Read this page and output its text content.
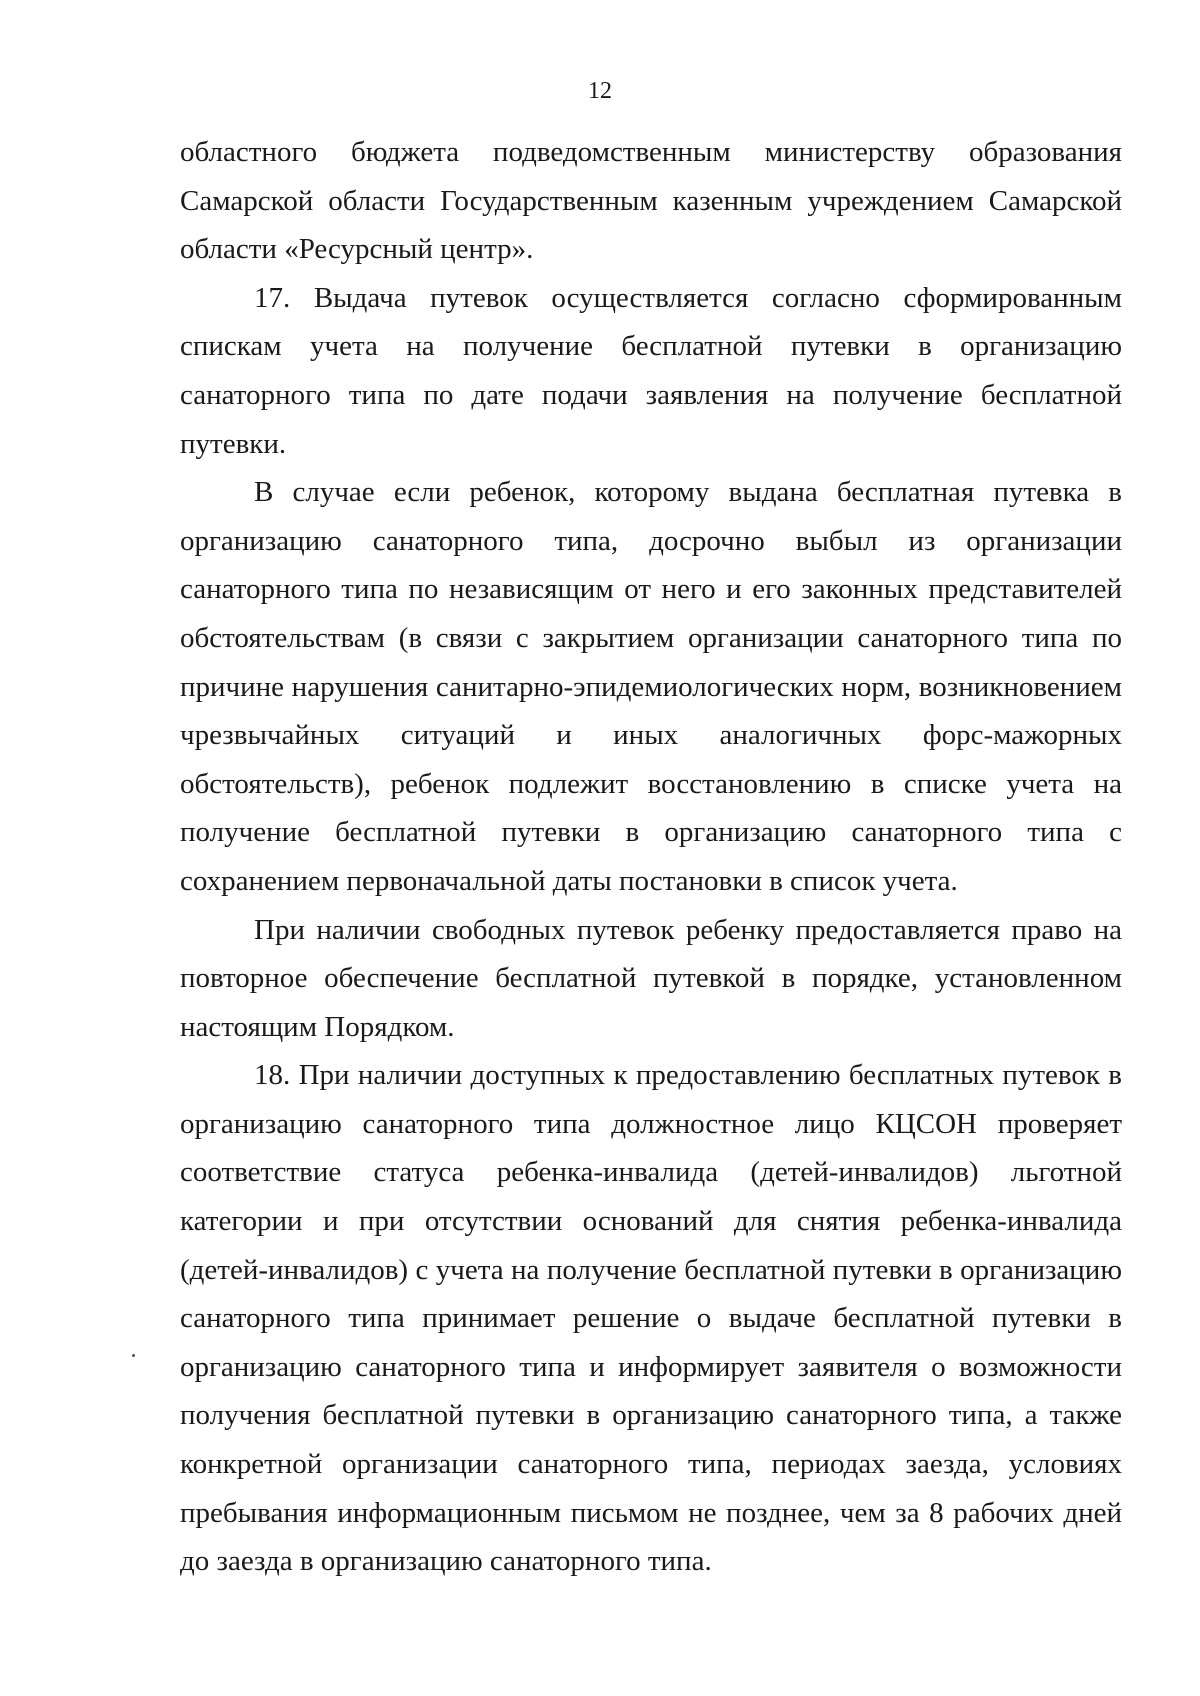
12

областного бюджета подведомственным министерству образования Самарской области Государственным казенным учреждением Самарской области «Ресурсный центр».

17. Выдача путевок осуществляется согласно сформированным спискам учета на получение бесплатной путевки в организацию санаторного типа по дате подачи заявления на получение бесплатной путевки.

В случае если ребенок, которому выдана бесплатная путевка в организацию санаторного типа, досрочно выбыл из организации санаторного типа по независящим от него и его законных представителей обстоятельствам (в связи с закрытием организации санаторного типа по причине нарушения санитарно-эпидемиологических норм, возникновением чрезвычайных ситуаций и иных аналогичных форс-мажорных обстоятельств), ребенок подлежит восстановлению в списке учета на получение бесплатной путевки в организацию санаторного типа с сохранением первоначальной даты постановки в список учета.

При наличии свободных путевок ребенку предоставляется право на повторное обеспечение бесплатной путевкой в порядке, установленном настоящим Порядком.

18. При наличии доступных к предоставлению бесплатных путевок в организацию санаторного типа должностное лицо КЦСОН проверяет соответствие статуса ребенка-инвалида (детей-инвалидов) льготной категории и при отсутствии оснований для снятия ребенка-инвалида (детей-инвалидов) с учета на получение бесплатной путевки в организацию санаторного типа принимает решение о выдаче бесплатной путевки в организацию санаторного типа и информирует заявителя о возможности получения бесплатной путевки в организацию санаторного типа, а также конкретной организации санаторного типа, периодах заезда, условиях пребывания информационным письмом не позднее, чем за 8 рабочих дней до заезда в организацию санаторного типа.
